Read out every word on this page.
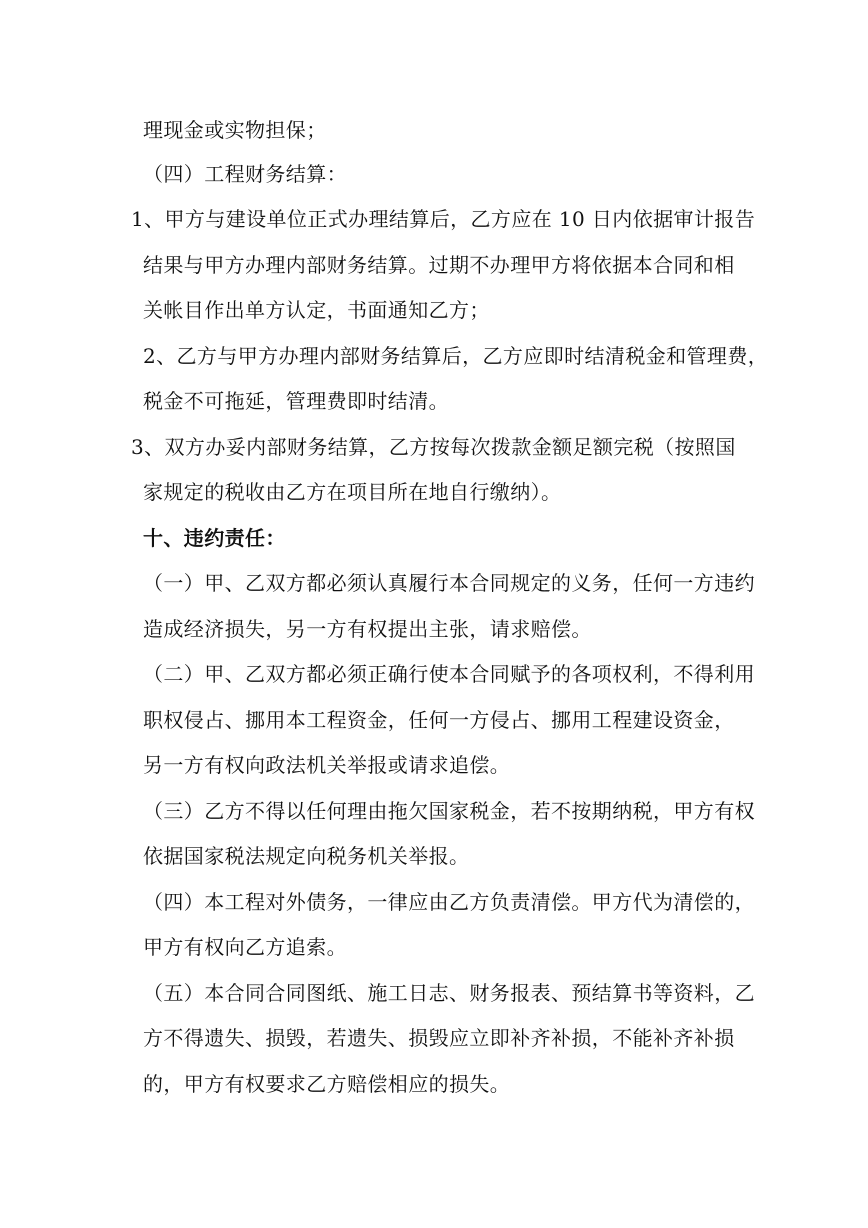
理现金或实物担保；
（四）工程财务结算：
1、甲方与建设单位正式办理结算后，乙方应在 10 日内依据审计报告
结果与甲方办理内部财务结算。过期不办理甲方将依据本合同和相
关帐目作出单方认定，书面通知乙方；
2、乙方与甲方办理内部财务结算后，乙方应即时结清税金和管理费，
税金不可拖延，管理费即时结清。
3、双方办妥内部财务结算，乙方按每次拨款金额足额完税（按照国
家规定的税收由乙方在项目所在地自行缴纳）。
十、违约责任：
（一）甲、乙双方都必须认真履行本合同规定的义务，任何一方违约
造成经济损失，另一方有权提出主张，请求赔偿。
（二）甲、乙双方都必须正确行使本合同赋予的各项权利，不得利用
职权侵占、挪用本工程资金，任何一方侵占、挪用工程建设资金，
另一方有权向政法机关举报或请求追偿。
（三）乙方不得以任何理由拖欠国家税金，若不按期纳税，甲方有权
依据国家税法规定向税务机关举报。
（四）本工程对外债务，一律应由乙方负责清偿。甲方代为清偿的，
甲方有权向乙方追索。
（五）本合同合同图纸、施工日志、财务报表、预结算书等资料，乙
方不得遗失、损毁，若遗失、损毁应立即补齐补损，不能补齐补损
的，甲方有权要求乙方赔偿相应的损失。
